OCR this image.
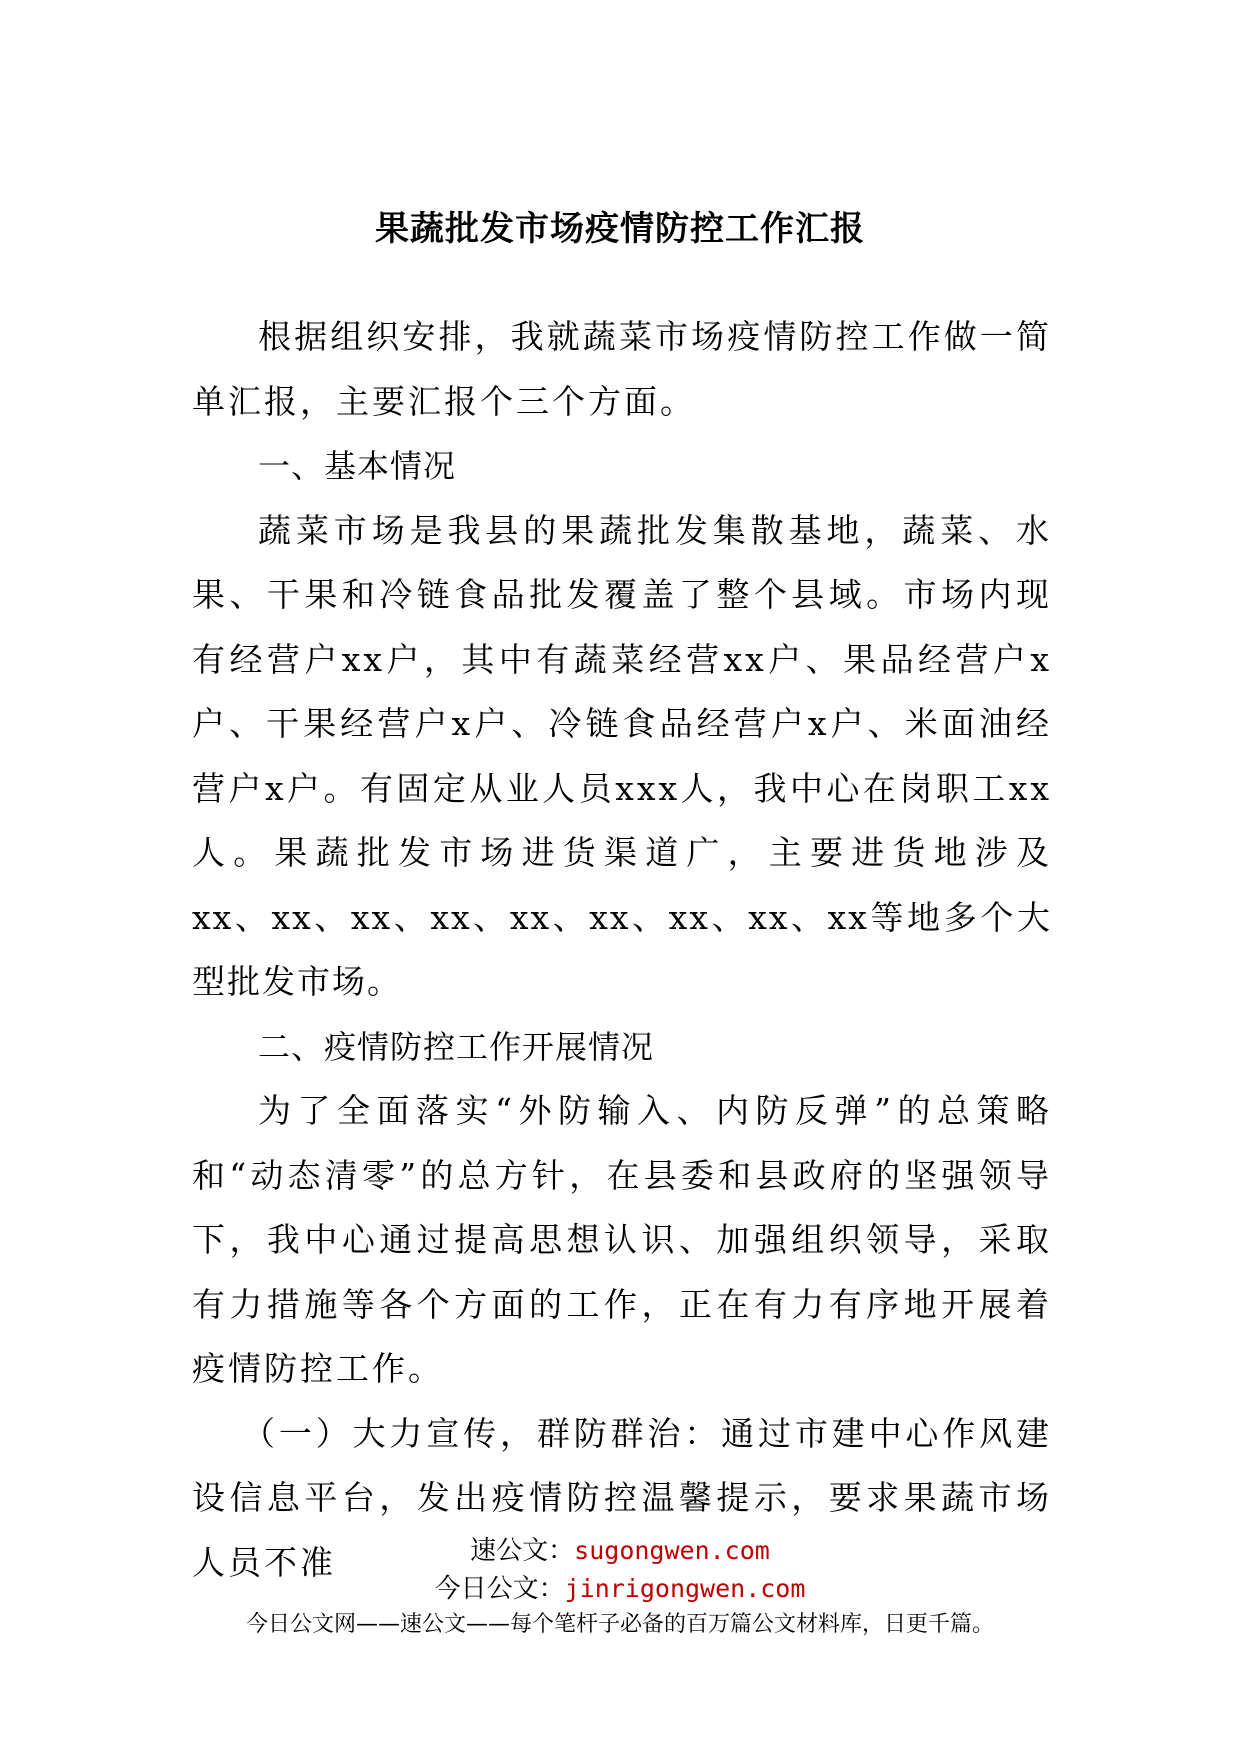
果蔬批发市场疫情防控工作汇报

根据组织安排，我就蔬菜市场疫情防控工作做一简单汇报，主要汇报个三个方面。

一、基本情况

蔬菜市场是我县的果蔬批发集散基地，蔬菜、水果、干果和冷链食品批发覆盖了整个县域。市场内现有经营户xx户，其中有蔬菜经营xx户、果品经营户x户、干果经营户x户、冷链食品经营户x户、米面油经营户x户。有固定从业人员xxx人，我中心在岗职工xx人。果蔬批发市场进货渠道广，主要进货地涉及

xx、xx、xx、xx、xx、xx、xx、xx、xx等地多个大型批发市场。

二、疫情防控工作开展情况

为了全面落实“外防输入、内防反弹”的总策略和“动态清零”的总方针，在县委和县政府的坚强领导下，我中心通过提高思想认识、加强组织领导，采取有力措施等各个方面的工作，正在有力有序地开展着疫情防控工作。

（一）大力宣传，群防群治：通过市建中心作风建设信息平台，发出疫情防控温馨提示，要求果蔬市场人员不准	速公文：sugongwen.com
今日公文：jinrigongwen.com
今日公文网——速公文——每个笔杆子必备的百万篇公文材料库，日更千篇。
